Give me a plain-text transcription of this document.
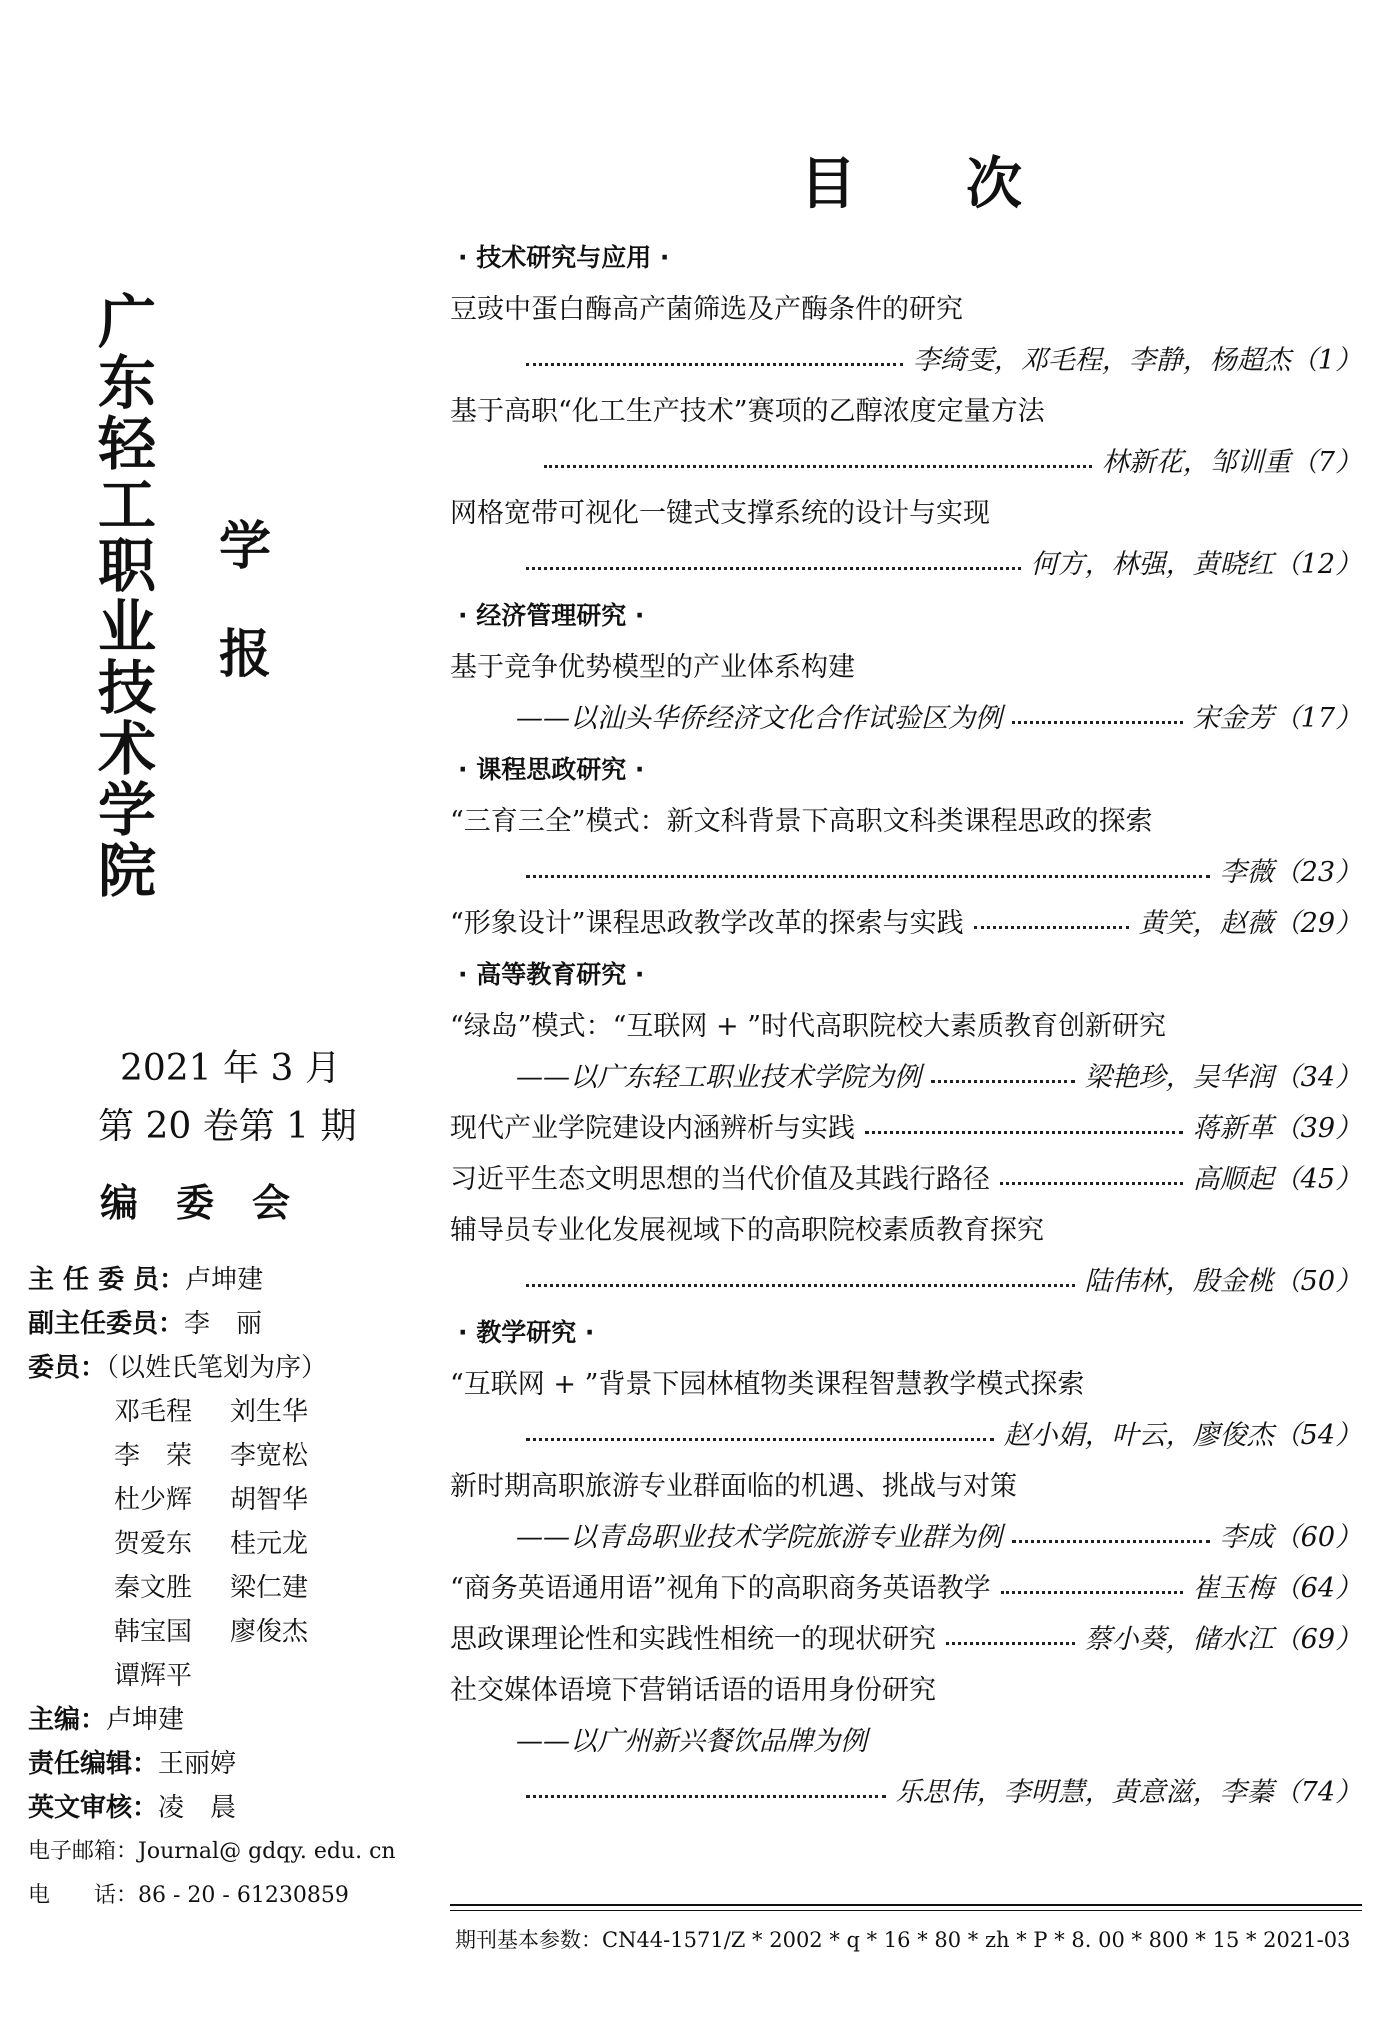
广
东
轻
工
职
业
技
术
学
院
学
报
2021 年 3 月
第 20 卷第 1 期
编委会
主 任 委 员：卢坤建
副主任委员：李　丽
委员：（以姓氏笔划为序）
邓毛程	刘生华
李　荣	李宽松
杜少辉	胡智华
贺爱东	桂元龙
秦文胜	梁仁建
韩宝国	廖俊杰
谭辉平
主编：卢坤建
责任编辑：王丽婷
英文审核：凌　晨
电子邮箱：Journal@ gdqy. edu. cn
电　　话：86 - 20 - 61230859
目次
· 技术研究与应用 ·
豆豉中蛋白酶高产菌筛选及产酶条件的研究
李绮雯，邓毛程，李静，杨超杰（1）
基于高职“化工生产技术”赛项的乙醇浓度定量方法
林新花，邹训重（7）
网格宽带可视化一键式支撑系统的设计与实现
何方，林强，黄晓红（12）
· 经济管理研究 ·
基于竞争优势模型的产业体系构建
——以汕头华侨经济文化合作试验区为例	宋金芳（17）
· 课程思政研究 ·
“三育三全”模式：新文科背景下高职文科类课程思政的探索
李薇（23）
“形象设计”课程思政教学改革的探索与实践	黄笑，赵薇（29）
· 高等教育研究 ·
“绿岛”模式：“互联网 + ”时代高职院校大素质教育创新研究
——以广东轻工职业技术学院为例	梁艳珍，吴华润（34）
现代产业学院建设内涵辨析与实践	蒋新革（39）
习近平生态文明思想的当代价值及其践行路径	高顺起（45）
辅导员专业化发展视域下的高职院校素质教育探究
陆伟林，殷金桃（50）
· 教学研究 ·
“互联网 + ”背景下园林植物类课程智慧教学模式探索
赵小娟，叶云，廖俊杰（54）
新时期高职旅游专业群面临的机遇、挑战与对策
——以青岛职业技术学院旅游专业群为例	李成（60）
“商务英语通用语”视角下的高职商务英语教学	崔玉梅（64）
思政课理论性和实践性相统一的现状研究	蔡小葵，储水江（69）
社交媒体语境下营销话语的语用身份研究
——以广州新兴餐饮品牌为例
乐思伟，李明慧，黄意滋，李蓁（74）
期刊基本参数：CN44-1571/Z * 2002 * q * 16 * 80 * zh * P * 8. 00 * 800 * 15 * 2021-03
